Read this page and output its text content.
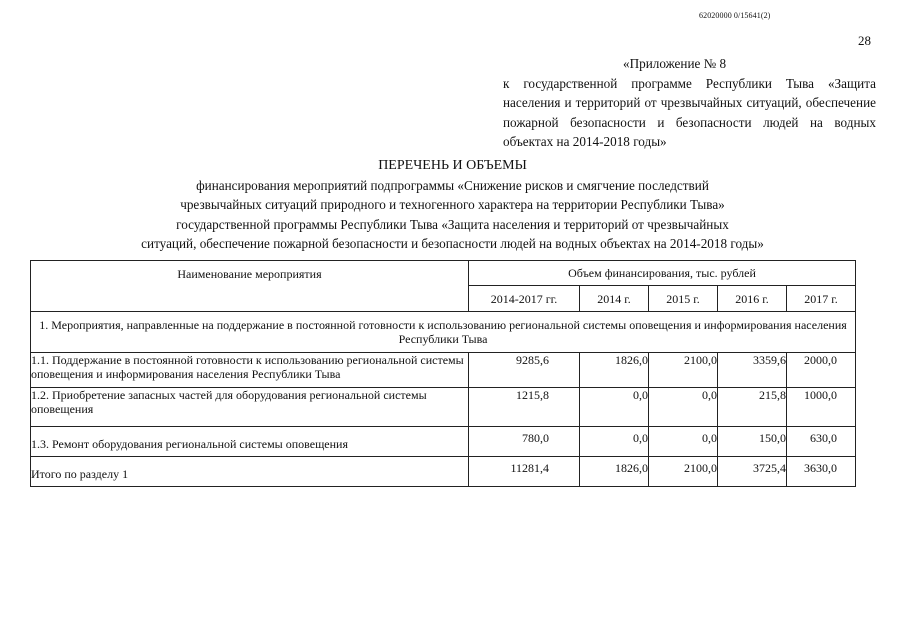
62020000 0/15641(2)
28
«Приложение № 8
к государственной программе Республики Тыва «Защита населения и территорий от чрезвычайных ситуаций, обеспечение пожарной безопасности и безопасности людей на водных объектах на 2014-2018 годы»
ПЕРЕЧЕНЬ И ОБЪЕМЫ
финансирования мероприятий подпрограммы «Снижение рисков и смягчение последствий
чрезвычайных ситуаций природного и техногенного характера на территории Республики Тыва»
государственной программы Республики Тыва «Защита населения и территорий от чрезвычайных
ситуаций, обеспечение пожарной безопасности и безопасности людей на водных объектах на 2014-2018 годы»
Наименование мероприятия	Объем финансирования, тыс. рублей				
	2014-2017 гг.	2014 г.	2015 г.	2016 г.	2017 г.
1. Мероприятия, направленные на поддержание в постоянной готовности к использованию региональной системы оповещения и информирования населения Республики Тыва					
1.1. Поддержание в постоянной готовности к использованию региональной системы оповещения и информирования населения Республики Тыва	9285,6	1826,0	2100,0	3359,6	2000,0
1.2. Приобретение запасных частей для оборудования региональной системы оповещения	1215,8	0,0	0,0	215,8	1000,0
1.3. Ремонт оборудования региональной системы оповещения	780,0	0,0	0,0	150,0	630,0
Итого по разделу 1	11281,4	1826,0	2100,0	3725,4	3630,0
